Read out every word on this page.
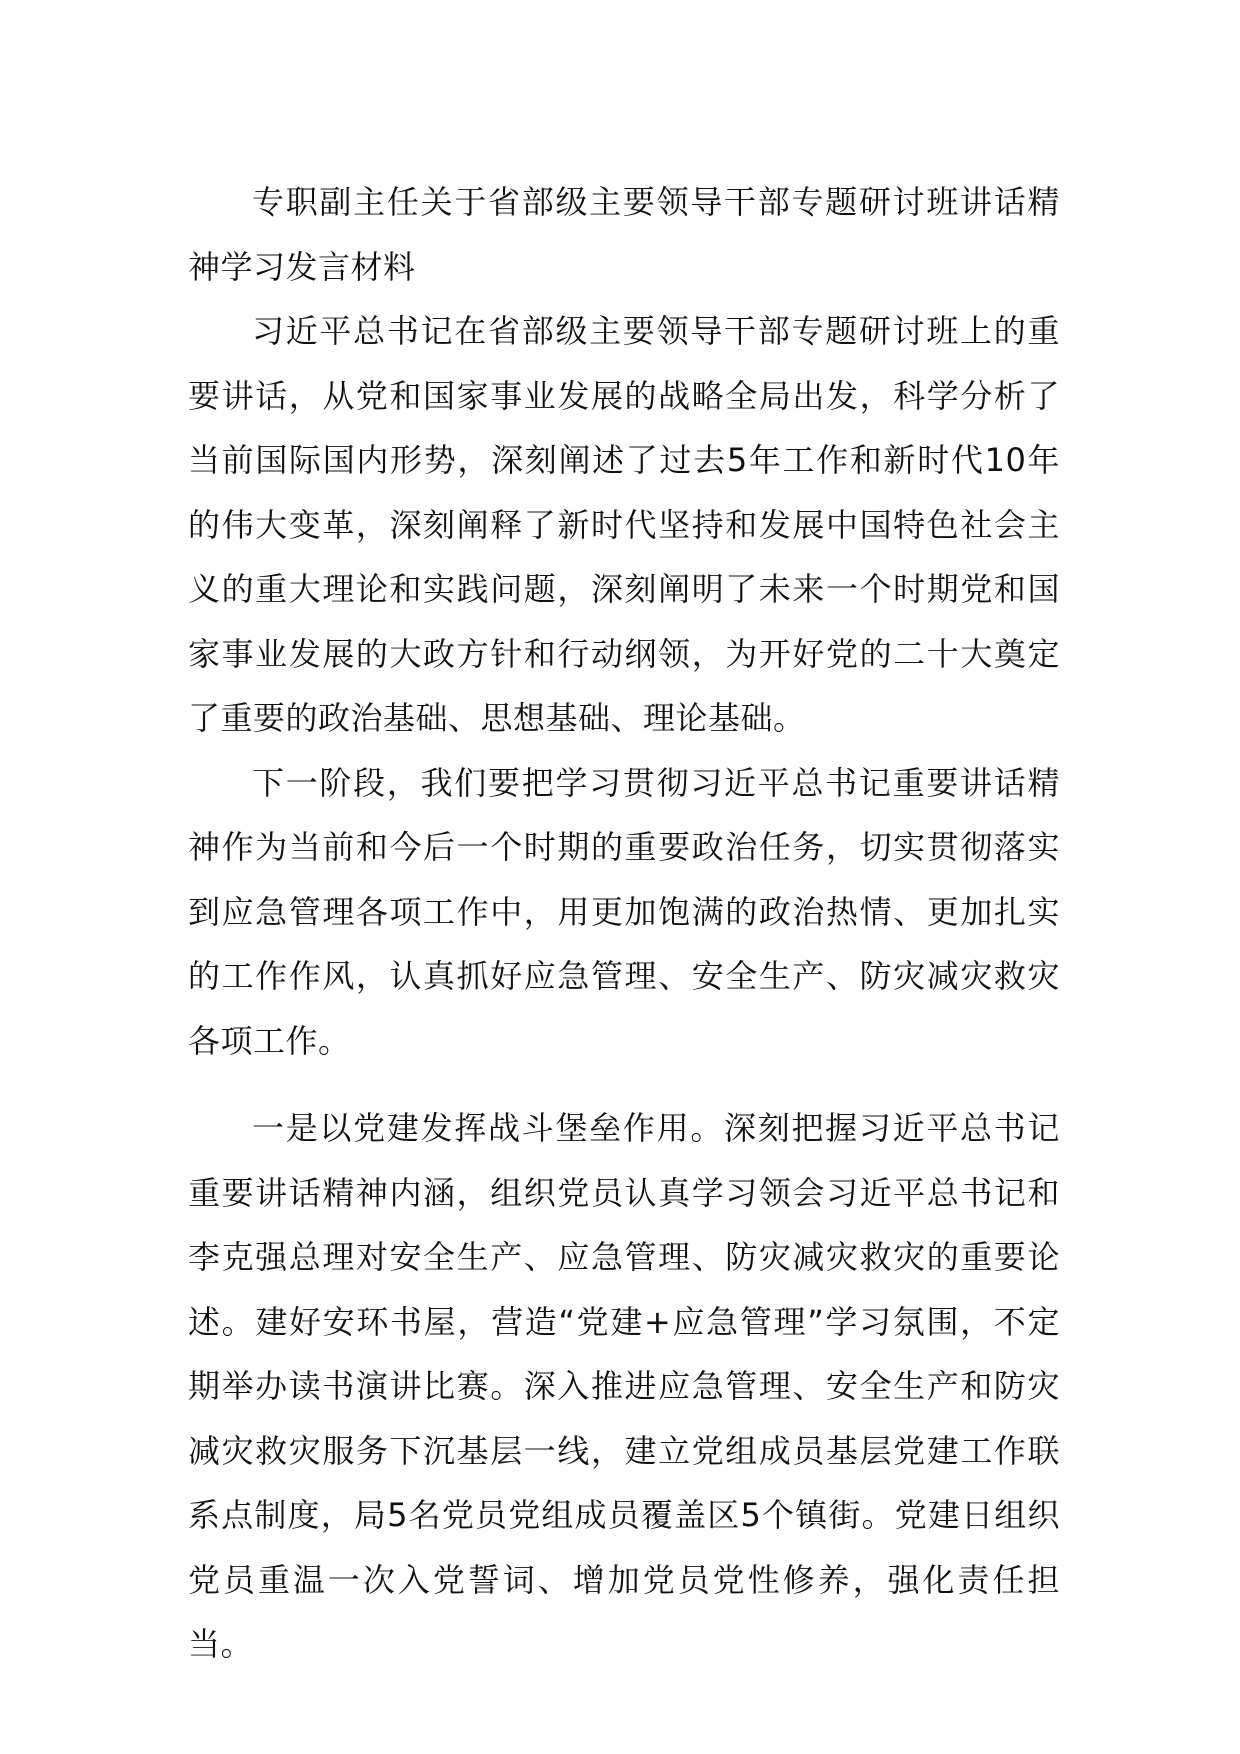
专职副主任关于省部级主要领导干部专题研讨班讲话精神学习发言材料

习近平总书记在省部级主要领导干部专题研讨班上的重要讲话，从党和国家事业发展的战略全局出发，科学分析了当前国际国内形势，深刻阐述了过去5年工作和新时代10年的伟大变革，深刻阐释了新时代坚持和发展中国特色社会主义的重大理论和实践问题，深刻阐明了未来一个时期党和国家事业发展的大政方针和行动纲领，为开好党的二十大奠定了重要的政治基础、思想基础、理论基础。

下一阶段，我们要把学习贯彻习近平总书记重要讲话精神作为当前和今后一个时期的重要政治任务，切实贯彻落实到应急管理各项工作中，用更加饱满的政治热情、更加扎实的工作作风，认真抓好应急管理、安全生产、防灾减灾救灾各项工作。

一是以党建发挥战斗堡垒作用。深刻把握习近平总书记重要讲话精神内涵，组织党员认真学习领会习近平总书记和李克强总理对安全生产、应急管理、防灾减灾救灾的重要论述。建好安环书屋，营造“党建+应急管理”学习氛围，不定期举办读书演讲比赛。深入推进应急管理、安全生产和防灾减灾救灾服务下沉基层一线，建立党组成员基层党建工作联系点制度，局5名党员党组成员覆盖区5个镇街。党建日组织党员重温一次入党誓词、增加党员党性修养，强化责任担当。
